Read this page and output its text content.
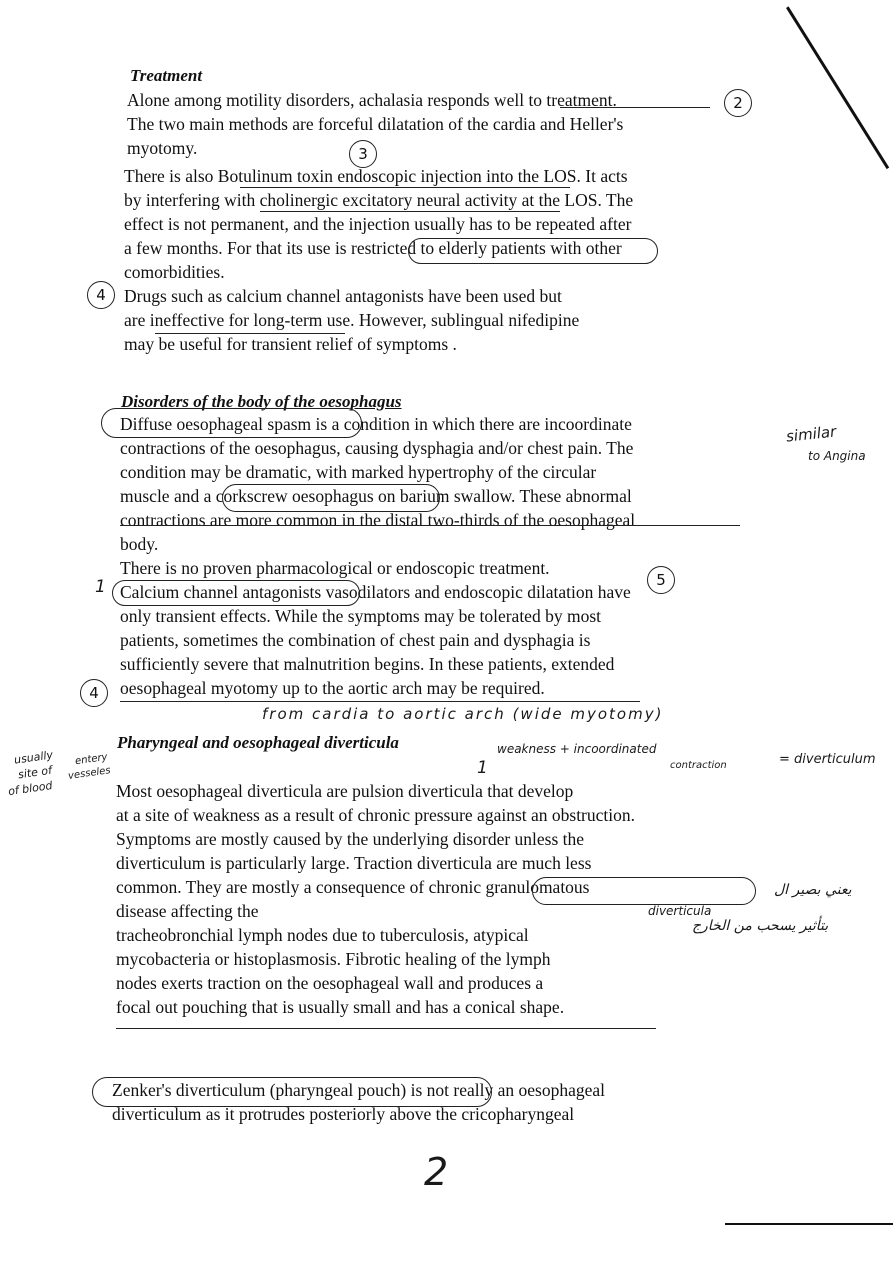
Treatment
Alone among motility disorders, achalasia responds well to treatment.
The two main methods are forceful dilatation of the cardia and Heller's
myotomy.
There is also Botulinum toxin endoscopic injection into the LOS. It acts
by interfering with cholinergic excitatory neural activity at the LOS. The
effect is not permanent, and the injection usually has to be repeated after
a few months. For that its use is restricted to elderly patients with other
comorbidities.
Drugs such as calcium channel antagonists have been used but
are ineffective for long-term use. However, sublingual nifedipine
may be useful for transient relief of symptoms .
Disorders of the body of the oesophagus
Diffuse oesophageal spasm is a condition in which there are incoordinate
contractions of the oesophagus, causing dysphagia and/or chest pain. The
condition may be dramatic, with marked hypertrophy of the circular
muscle and a corkscrew oesophagus on barium swallow. These abnormal
contractions are more common in the distal two-thirds of the oesophageal
body.
There is no proven pharmacological or endoscopic treatment.
Calcium channel antagonists vasodilators and endoscopic dilatation have
only transient effects. While the symptoms may be tolerated by most
patients, sometimes the combination of chest pain and dysphagia is
sufficiently severe that malnutrition begins. In these patients, extended
oesophageal myotomy up to the aortic arch may be required.
Pharyngeal and oesophageal diverticula
Most oesophageal diverticula are pulsion diverticula that develop
at a site of weakness as a result of chronic pressure against an obstruction.
Symptoms are mostly caused by the underlying disorder unless the
diverticulum is particularly large. Traction diverticula are much less
common. They are mostly a consequence of chronic granulomatous
disease affecting the
tracheobronchial lymph nodes due to tuberculosis, atypical
mycobacteria or histoplasmosis. Fibrotic healing of the lymph
nodes exerts traction on the oesophageal wall and produces a
focal out pouching that is usually small and has a conical shape.
Zenker's diverticulum (pharyngeal pouch) is not really an oesophageal
diverticulum as it protrudes posteriorly above the cricopharyngeal
2
3
4
5
1
4
1
similar
to Angina
from cardia to aortic arch (wide myotomy)
weakness + incoordinated
contraction	= diverticulum
usually
site of
of blood
entery
vesseles
يعني بصير ال
diverticula
بتأثير يسحب من الخارج
2
